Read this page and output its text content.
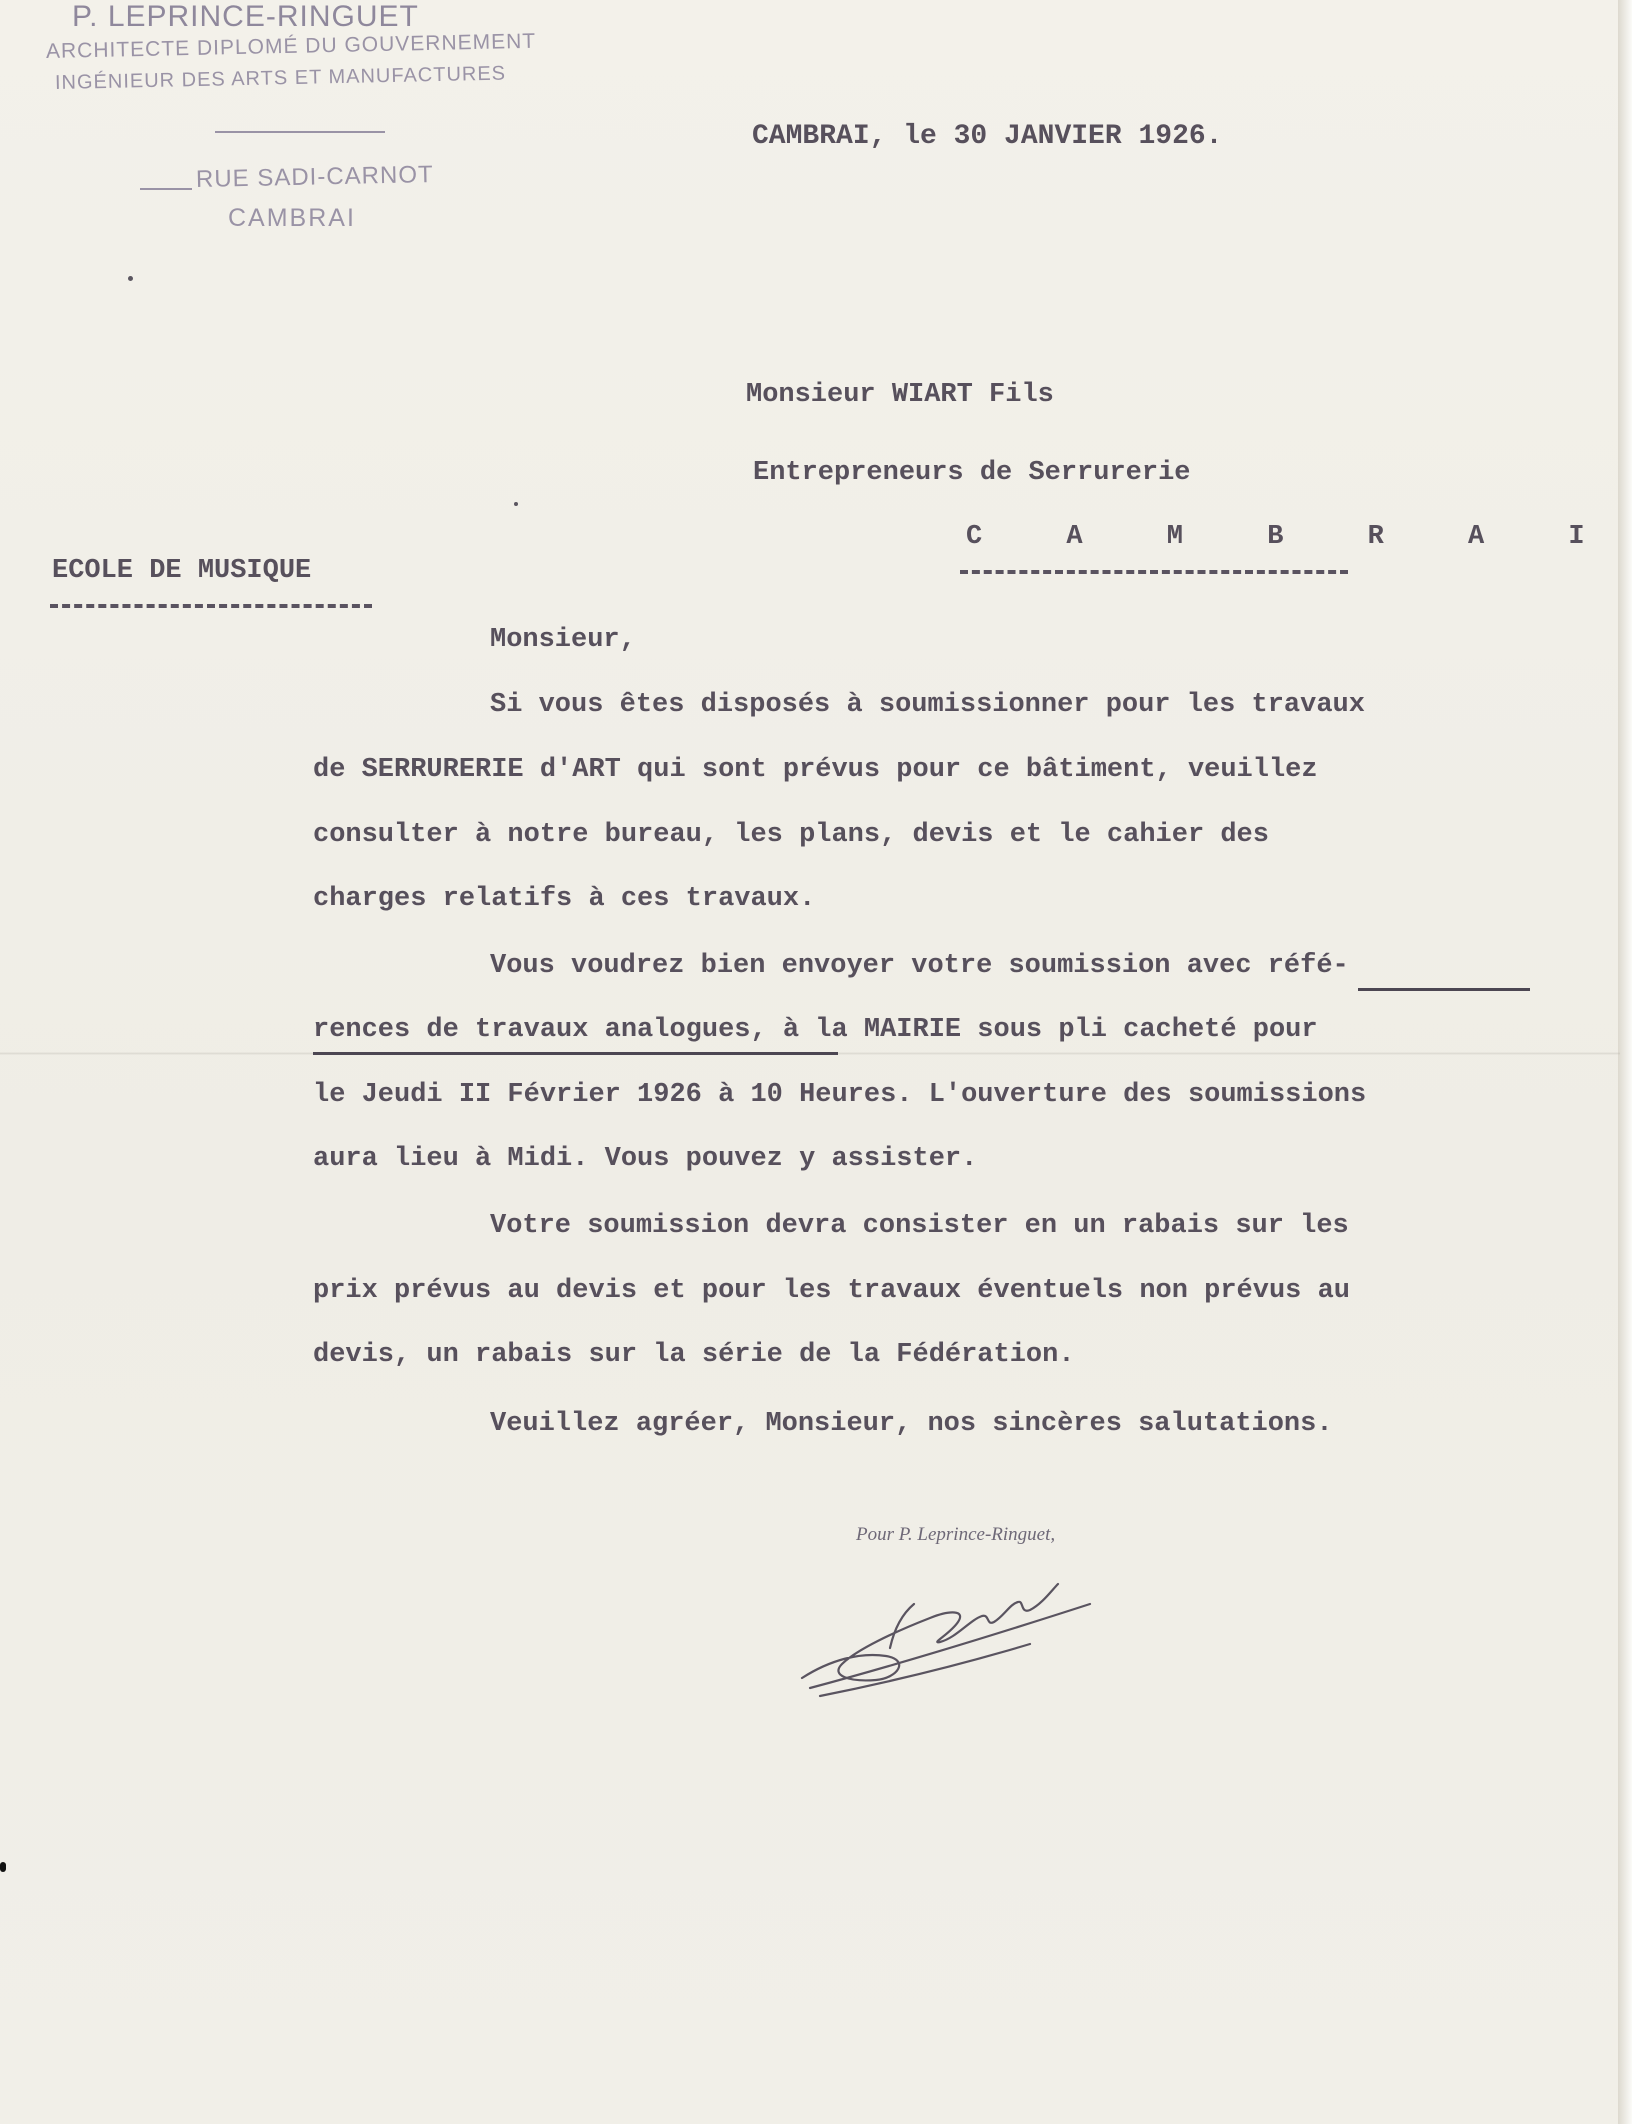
P. LEPRINCE-RINGUET
ARCHITECTE DIPLOMÉ DU GOUVERNEMENT
INGÉNIEUR DES ARTS ET MANUFACTURES
RUE SADI-CARNOT
CAMBRAI
CAMBRAI, le 30 JANVIER 1926.
Monsieur WIART Fils
Entrepreneurs de Serrurerie
C A M B R A I
ECOLE DE MUSIQUE
Monsieur,
Si vous êtes disposés à soumissionner pour les travaux
de SERRURERIE d'ART qui sont prévus pour ce bâtiment, veuillez
consulter à notre bureau, les plans, devis et le cahier des
charges relatifs à ces travaux.
Vous voudrez bien envoyer votre soumission avec réfé-
rences de travaux analogues, à la MAIRIE sous pli cacheté pour
le Jeudi II Février 1926 à 10 Heures. L'ouverture des soumissions
aura lieu à Midi. Vous pouvez y assister.
Votre soumission devra consister en un rabais sur les
prix prévus au devis et pour les travaux éventuels non prévus au
devis, un rabais sur la série de la Fédération.
Veuillez agréer, Monsieur, nos sincères salutations.
Pour P. Leprince-Ringuet,
